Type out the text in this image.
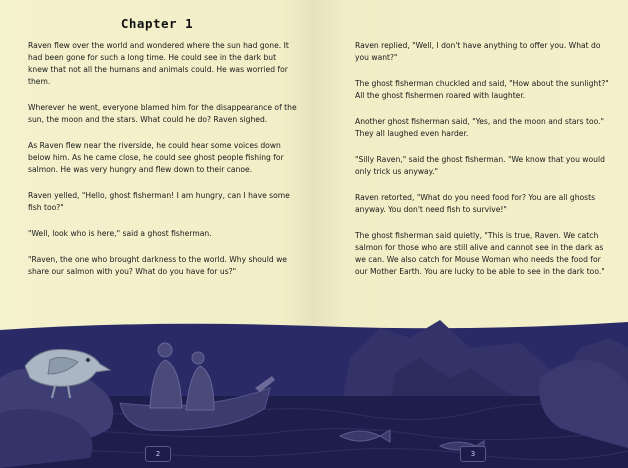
Chapter 1

Raven flew over the world and wondered where the sun had gone. It had been gone for such a long time. He could see in the dark but knew that not all the humans and animals could. He was worried for them.

Wherever he went, everyone blamed him for the disappearance of the sun, the moon and the stars. What could he do? Raven sighed.

As Raven flew near the riverside, he could hear some voices down below him. As he came close, he could see ghost people fishing for salmon. He was very hungry and flew down to their canoe.

Raven yelled, "Hello, ghost fisherman! I am hungry, can I have some fish too?"

"Well, look who is here," said a ghost fisherman.

"Raven, the one who brought darkness to the world. Why should we share our salmon with you? What do you have for us?"

Raven replied, "Well, I don't have anything to offer you. What do you want?"

The ghost fisherman chuckled and said, "How about the sunlight?" All the ghost fishermen roared with laughter.

Another ghost fisherman said, "Yes, and the moon and stars too." They all laughed even harder.

"Silly Raven," said the ghost fisherman. "We know that you would only trick us anyway."

Raven retorted, "What do you need food for? You are all ghosts anyway. You don't need fish to survive!"

The ghost fisherman said quietly, "This is true, Raven. We catch salmon for those who are still alive and cannot see in the dark as we can. We also catch for Mouse Woman who needs the food for our Mother Earth. You are lucky to be able to see in the dark too."

2	3
